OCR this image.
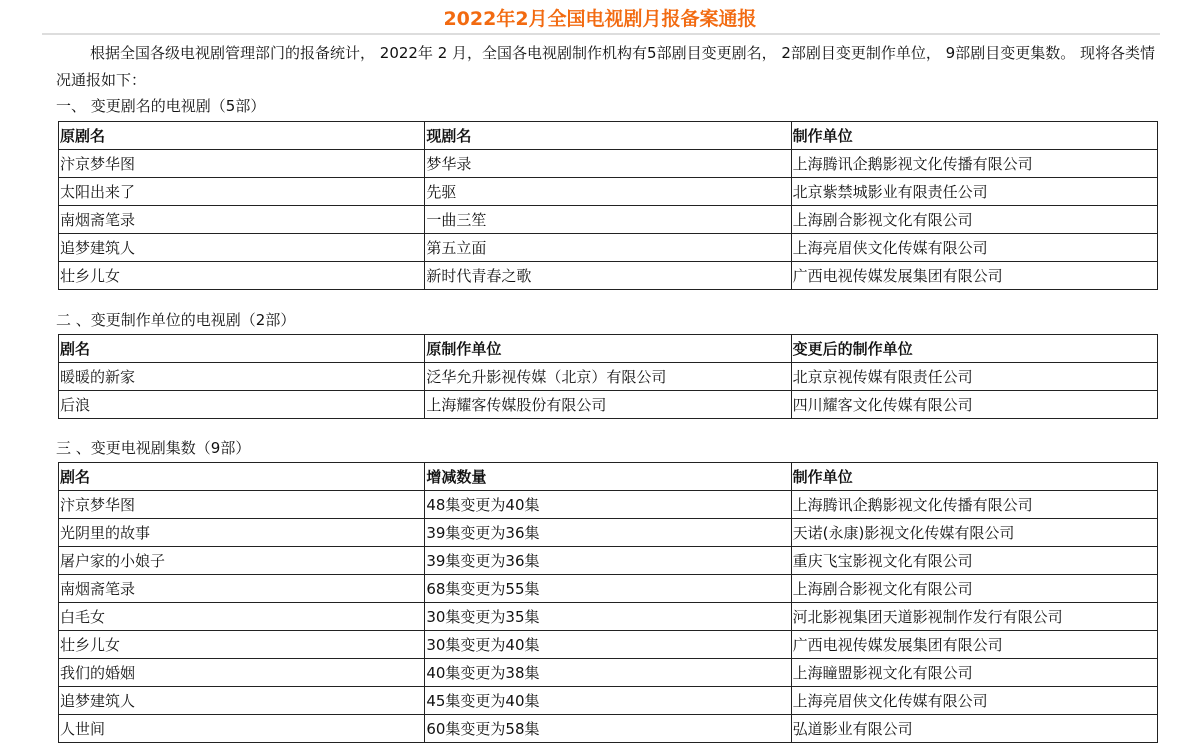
2022年2月全国电视剧月报备案通报
根据全国各级电视剧管理部门的报备统计， 2022年 2 月，全国各电视剧制作机构有5部剧目变更剧名， 2部剧目变更制作单位， 9部剧目变更集数。 现将各类情况通报如下：
一、 变更剧名的电视剧（5部）
原剧名	现剧名	制作单位
汴京梦华图	梦华录	上海腾讯企鹅影视文化传播有限公司
太阳出来了	先驱	北京紫禁城影业有限责任公司
南烟斋笔录	一曲三笙	上海剧合影视文化有限公司
追梦建筑人	第五立面	上海亮眉侠文化传媒有限公司
壮乡儿女	新时代青春之歌	广西电视传媒发展集团有限公司
二 、变更制作单位的电视剧（2部）
剧名	原制作单位	变更后的制作单位
暖暖的新家	泛华允升影视传媒（北京）有限公司	北京京视传媒有限责任公司
后浪	上海耀客传媒股份有限公司	四川耀客文化传媒有限公司
三 、变更电视剧集数（9部）
剧名	增减数量	制作单位
汴京梦华图	48集变更为40集	上海腾讯企鹅影视文化传播有限公司
光阴里的故事	39集变更为36集	天诺(永康)影视文化传媒有限公司
屠户家的小娘子	39集变更为36集	重庆飞宝影视文化有限公司
南烟斋笔录	68集变更为55集	上海剧合影视文化有限公司
白毛女	30集变更为35集	河北影视集团天道影视制作发行有限公司
壮乡儿女	30集变更为40集	广西电视传媒发展集团有限公司
我们的婚姻	40集变更为38集	上海瞳盟影视文化有限公司
追梦建筑人	45集变更为40集	上海亮眉侠文化传媒有限公司
人世间	60集变更为58集	弘道影业有限公司
